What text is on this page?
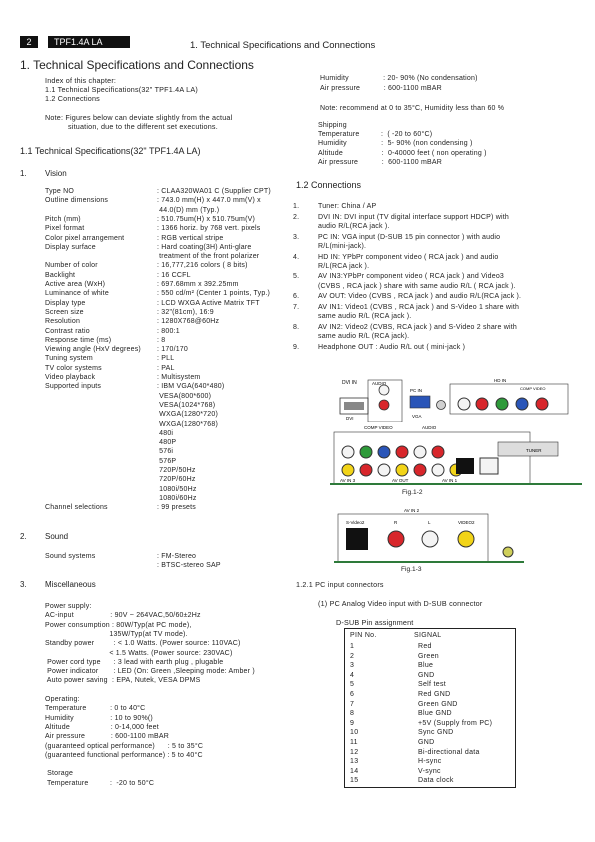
2	TPF1.4A LA	1. Technical Specifications and Connections
1. Technical Specifications and Connections
Index of this chapter:
1.1 Technical Specifications(32" TPF1.4A LA)
1.2 Connections
Note: Figures below can deviate slightly from the actual
situation, due to the different set executions.
1.1 Technical Specifications(32" TPF1.4A LA)
1. Vision
Type NO	: CLAA320WA01 C (Supplier CPT)
Outline dimensions	: 743.0 mm(H) x 447.0 mm(V) x
44.0(D) mm (Typ.)
Pitch (mm)	: 510.75um(H) x 510.75um(V)
Pixel format	: 1366 horiz. by 768 vert. pixels
Color pixel arrangement	: RGB vertical stripe
Display surface	: Hard coating(3H) Anti-glare
treatment of the front polarizer
Number of color	: 16,777,216 colors ( 8 bits)
Backlight	: 16 CCFL
Active area (WxH)	: 697.68mm x 392.25mm
Luminance of white	: 550 cd/m² (Center 1 points, Typ.)
Display type	: LCD WXGA Active Matrix TFT
Screen size	: 32"(81cm), 16:9
Resolution	: 1280X768@60Hz
Contrast ratio	: 800:1
Response time (ms)	: 8
Viewing angle (HxV degrees) : 170/170
Tuning system	: PLL
TV color systems	: PAL
Video playback	: Multisystem
Supported inputs	: IBM VGA(640*480)
VESA(800*600)
VESA(1024*768)
WXGA(1280*720)
WXGA(1280*768)
480i
480P
576i
576P
720P/50Hz
720P/60Hz
1080i/50Hz
1080i/60Hz
Channel selections	: 99 presets
2. Sound
Sound systems	: FM-Stereo
: BTSC-stereo SAP
3. Miscellaneous
Power supply:
AC-input                 : 90V ~ 264VAC,50/60±2Hz
Power consumption : 80W/Typ(at PC mode),
135W/Typ(at TV mode).
Standby power         : < 1.0 Watts. (Power source: 110VAC)
< 1.5 Watts. (Power source: 230VAC)
Power cord type      : 3 lead with earth plug , plugable
Power indicator       : LED (On: Green ,Sleeping mode: Amber )
Auto power saving  : EPA, Nutek, VESA DPMS
Operating:
Temperature           : 0 to 40°C
Humidity                 : 10 to 90%()
Altitude                   : 0-14,000 feet
Air pressure            : 600-1100 mBAR
(guaranteed optical performance)      : 5 to 35°C
(guaranteed functional performance) : 5 to 40°C
Storage
Temperature          :  -20 to 50°C
Humidity                : 20- 90% (No condensation)
Air pressure           : 600-1100 mBAR
Note: recommend at 0 to 35°C, Humidity less than 60 %
Shipping
Temperature          :  ( -20 to 60°C)
Humidity                :  5- 90% (non condensing )
Altitude                  :  0-40000 feet ( non operating )
Air pressure           :  600-1100 mBAR
1.2 Connections
1.	Tuner: China / AP
2.	DVI IN: DVI input (TV digital interface support HDCP) with
audio R/L(RCA jack ).
3.	PC IN: VGA input (D-SUB 15 pin connector ) with audio
R/L(mini-jack).
4.	HD IN: YPbPr component video ( RCA jack ) and audio
R/L(RCA jack ).
5.	AV IN3:YPbPr component video ( RCA jack ) and Video3
(CVBS , RCA jack ) share with same audio R/L ( RCA jack ).
6.	AV OUT: Video (CVBS , RCA jack ) and audio R/L(RCA jack ).
7.	AV IN1: Video1 (CVBS , RCA jack ) and S-Video 1 share with
same audio R/L (RCA jack ).
8.	AV IN2: Video2 (CVBS, RCA jack ) and S-Video 2 share with
same audio R/L (RCA jack).
9.	Headphone OUT : Audio R/L out ( mini-jack )
DVI IN	AUDIO
PC IN
VGA
DVI
HD IN
COMP VIDEO
COMP VIDEO	AUDIO
AV IN 3	AV OUT	AV IN 1
TUNER
Fig.1-2
AV IN 2
S-Video2	R	L	VIDEO2
Fig.1-3
1.2.1 PC input connectors
(1) PC Analog Video input with D-SUB connector
D-SUB Pin assignment
PIN No.	SIGNAL
1	Red
2	Green
3	Blue
4	GND
5	Self test
6	Red GND
7	Green GND
8	Blue GND
9	+5V (Supply from PC)
10	Sync GND
11	GND
12	Bi-directional data
13	H-sync
14	V-sync
15	Data clock
